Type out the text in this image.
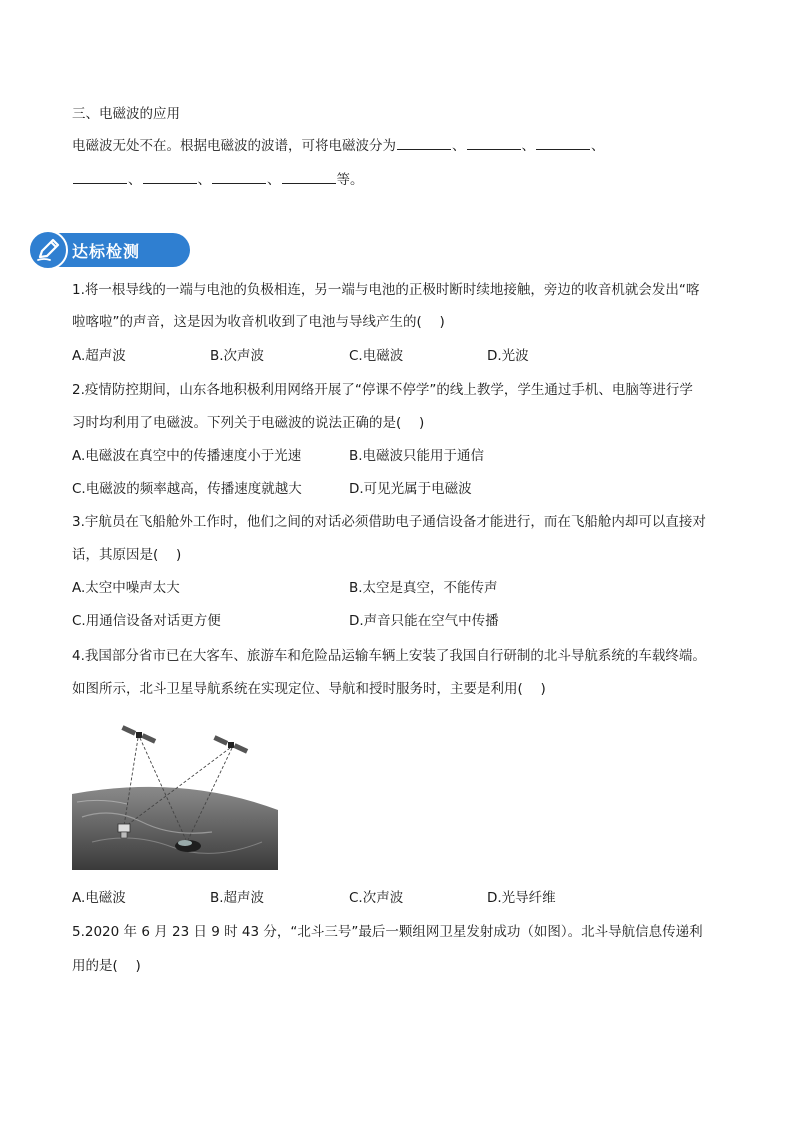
三、电磁波的应用
电磁波无处不在。根据电磁波的波谱，可将电磁波分为	、	、	、
、	、	、	等。
达标检测
1.将一根导线的一端与电池的负极相连，另一端与电池的正极时断时续地接触，旁边的收音机就会发出“喀
啦喀啦”的声音，这是因为收音机收到了电池与导线产生的(　 )
A.超声波	B.次声波	C.电磁波	D.光波
2.疫情防控期间，山东各地积极利用网络开展了“停课不停学”的线上教学，学生通过手机、电脑等进行学
习时均利用了电磁波。下列关于电磁波的说法正确的是(　 )
A.电磁波在真空中的传播速度小于光速	B.电磁波只能用于通信
C.电磁波的频率越高，传播速度就越大	D.可见光属于电磁波
3.宇航员在飞船舱外工作时，他们之间的对话必须借助电子通信设备才能进行，而在飞船舱内却可以直接对
话，其原因是(　 )
A.太空中噪声太大	B.太空是真空，不能传声
C.用通信设备对话更方便	D.声音只能在空气中传播
4.我国部分省市已在大客车、旅游车和危险品运输车辆上安装了我国自行研制的北斗导航系统的车载终端。
如图所示，北斗卫星导航系统在实现定位、导航和授时服务时，主要是利用(　 )
A.电磁波	B.超声波	C.次声波	D.光导纤维
5.2020 年 6 月 23 日 9 时 43 分，“北斗三号”最后一颗组网卫星发射成功（如图）。北斗导航信息传递利
用的是(　 )
